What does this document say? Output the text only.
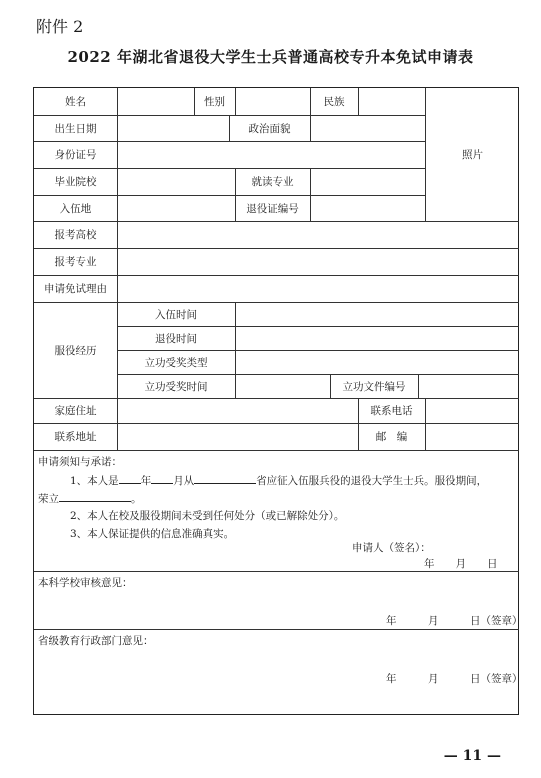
附件 2
2022 年湖北省退役大学生士兵普通高校专升本免试申请表
姓名	性别	民族
照片
出生日期	政治面貌
身份证号
毕业院校	就读专业
入伍地	退役证编号
报考高校
报考专业
申请免试理由
服役经历
入伍时间
退役时间
立功受奖类型
立功受奖时间	立功文件编号
家庭住址	联系电话
联系地址	邮　编
申请须知与承诺：
1、本人是 年 月从	省应征入伍服兵役的退役大学生士兵。服役期间，
荣立	。
2、本人在校及服役期间未受到任何处分（或已解除处分）。
3、本人保证提供的信息准确真实。
申请人（签名）：
年　　月　　日
本科学校审核意见：
年　　　月　　　日（签章）
省级教育行政部门意见：
年　　　月　　　日（签章）
— 11 —
